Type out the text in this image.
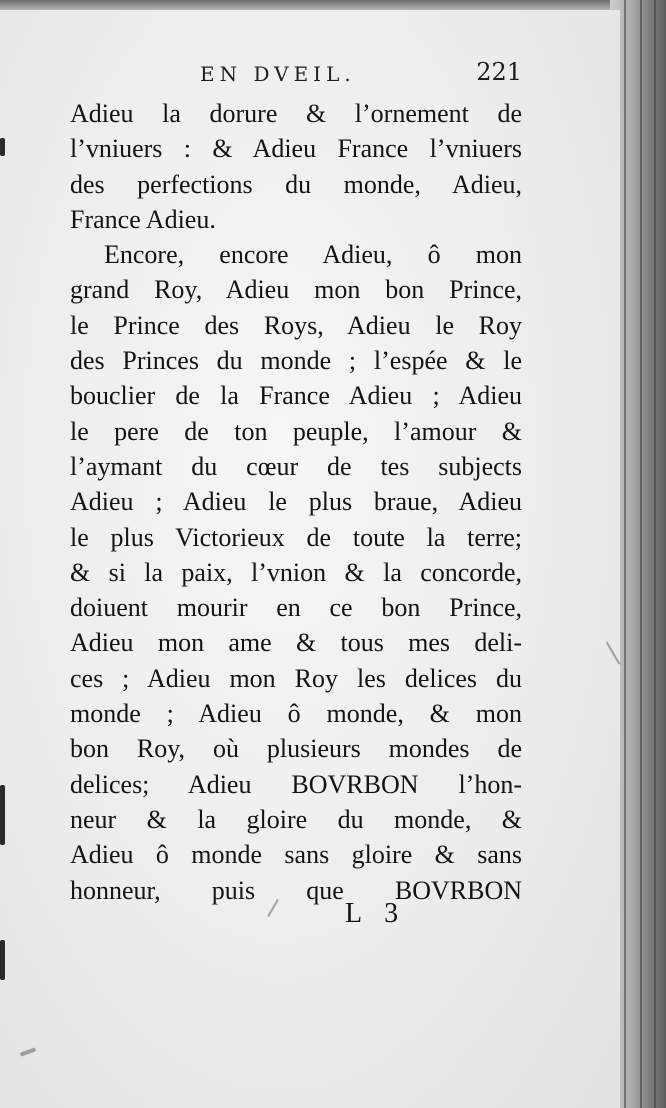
EN DVEIL.	221
Adieu la dorure & l’ornement de
l’vniuers : & Adieu France l’vniuers
des perfections du monde, Adieu,
France Adieu.
Encore, encore Adieu, ô mon
grand Roy, Adieu mon bon Prince,
le Prince des Roys, Adieu le Roy
des Princes du monde ; l’espée & le
bouclier de la France Adieu ; Adieu
le pere de ton peuple, l’amour &
l’aymant du cœur de tes subjects
Adieu ; Adieu le plus braue, Adieu
le plus Victorieux de toute la terre;
& si la paix, l’vnion & la concorde,
doiuent mourir en ce bon Prince,
Adieu mon ame & tous mes deli-
ces ; Adieu mon Roy les delices du
monde ; Adieu ô monde, & mon
bon Roy, où plusieurs mondes de
delices; Adieu BOVRBON l’hon-
neur & la gloire du monde, &
Adieu ô monde sans gloire & sans
honneur, puis que BOVRBON
L 3
